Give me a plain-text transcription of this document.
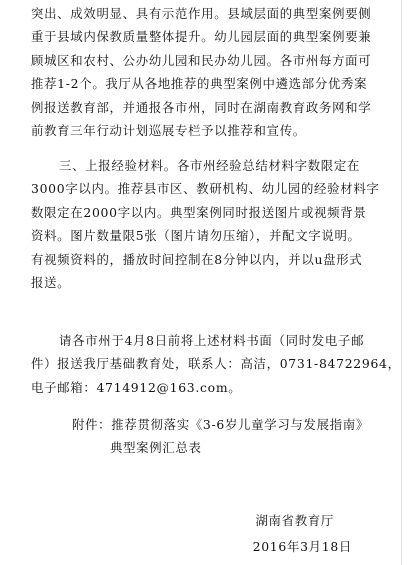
突出、成效明显、具有示范作用。县域层面的典型案例要侧

重于县域内保教质量整体提升。幼儿园层面的典型案例要兼

顾城区和农村、公办幼儿园和民办幼儿园。各市州每方面可

推荐1-2个。我厅从各地推荐的典型案例中遴选部分优秀案

例报送教育部，并通报各市州，同时在湖南教育政务网和学

前教育三年行动计划巡展专栏予以推荐和宣传。

三、上报经验材料。各市州经验总结材料字数限定在

3000字以内。推荐县市区、教研机构、幼儿园的经验材料字

数限定在2000字以内。典型案例同时报送图片或视频背景

资料。图片数量限5张（图片请勿压缩），并配文字说明。

有视频资料的，播放时间控制在8分钟以内，并以u盘形式

报送。

请各市州于4月8日前将上述材料书面（同时发电子邮

件）报送我厅基础教育处，联系人：高洁，0731-84722964，

电子邮箱：4714912@163.com。

附件：推荐贯彻落实《3-6岁儿童学习与发展指南》

典型案例汇总表

湖南省教育厅
2016年3月18日
